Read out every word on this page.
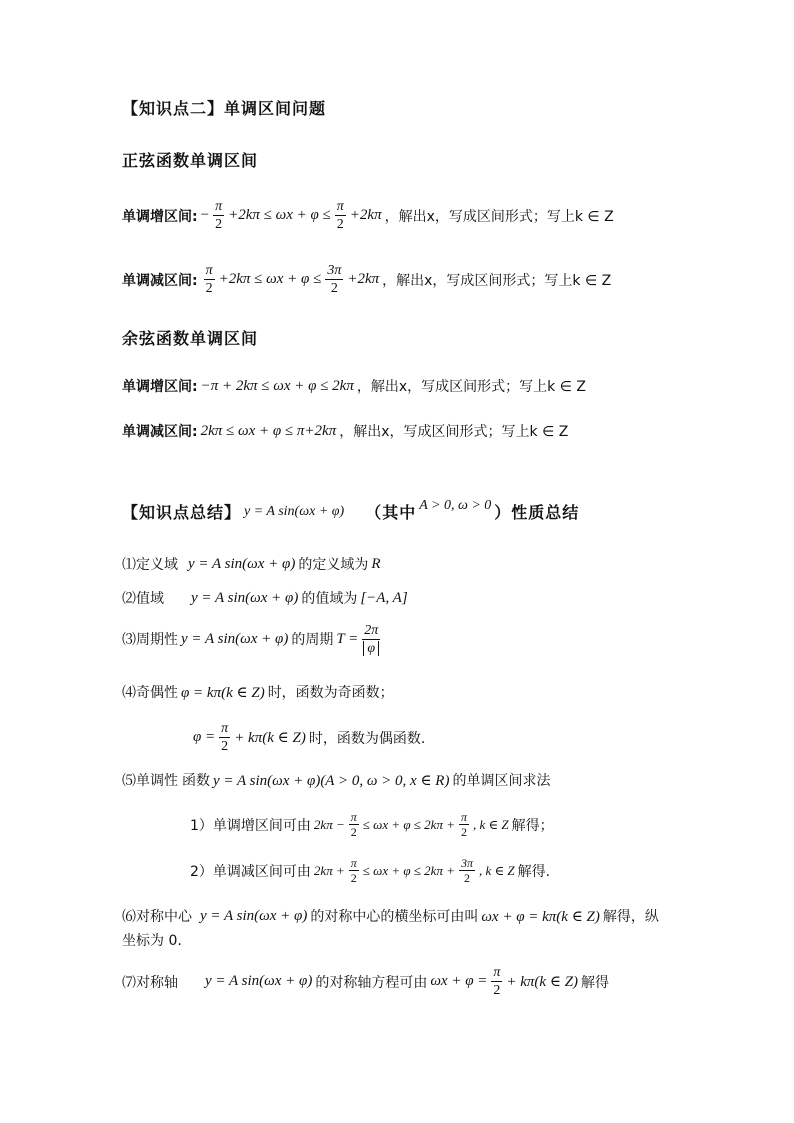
【知识点二】单调区间问题
正弦函数单调区间
单调增区间: − $\frac{\pi}{2} +2k\pi \le \omega x + \varphi \le \frac{\pi}{2} +2k\pi$ ，解出x，写成区间形式；写上k ∈ Z
单调减区间: $\frac{\pi}{2} +2k\pi \le \omega x + \varphi \le \frac{3\pi}{2} +2k\pi$ ，解出x，写成区间形式；写上k ∈ Z
余弦函数单调区间
单调增区间: −π + 2kπ ≤ ωx + φ ≤ 2kπ ，解出x，写成区间形式；写上k ∈ Z
单调减区间: 2kπ ≤ ωx + φ ≤ π+2kπ ，解出x，写成区间形式；写上k ∈ Z
【知识点总结】 y = A sin(ωx + φ) （其中 A > 0, ω > 0 ）性质总结
⑴定义域 y = A sin(ωx + φ) 的定义域为 R
⑵值域 y = A sin(ωx + φ) 的值域为 [−A, A]
⑶周期性 y = A sin(ωx + φ) 的周期 $T = \frac{2\pi}{\varphi}$
⑷奇偶性 φ = kπ(k ∈ Z) 时，函数为奇函数；
$\varphi = \frac{\pi}{2} + k\pi(k$ ∈ Z) 时，函数为偶函数.
⑸单调性 函数 y = A sin(ωx + φ)(A > 0, ω > 0, x ∈ R) 的单调区间求法
1）单调增区间可由 $2k\pi - \frac{\pi}{2} \le \omega x + \varphi \le 2k\pi + \frac{\pi}{2}$ , k ∈ Z 解得；
2）单调减区间可由 $2k\pi + \frac{\pi}{2} \le \omega x + \varphi \le 2k\pi + \frac{3\pi}{2}$ , k ∈ Z 解得.
⑹对称中心 y = A sin(ωx + φ) 的对称中心的横坐标可由叫 ωx + φ = kπ(k ∈ Z) 解得，纵
坐标为 0.
⑺对称轴 y = A sin(ωx + φ) 的对称轴方程可由 $\omega x + \varphi = \frac{\pi}{2} + k\pi(k$ ∈ Z) 解得
